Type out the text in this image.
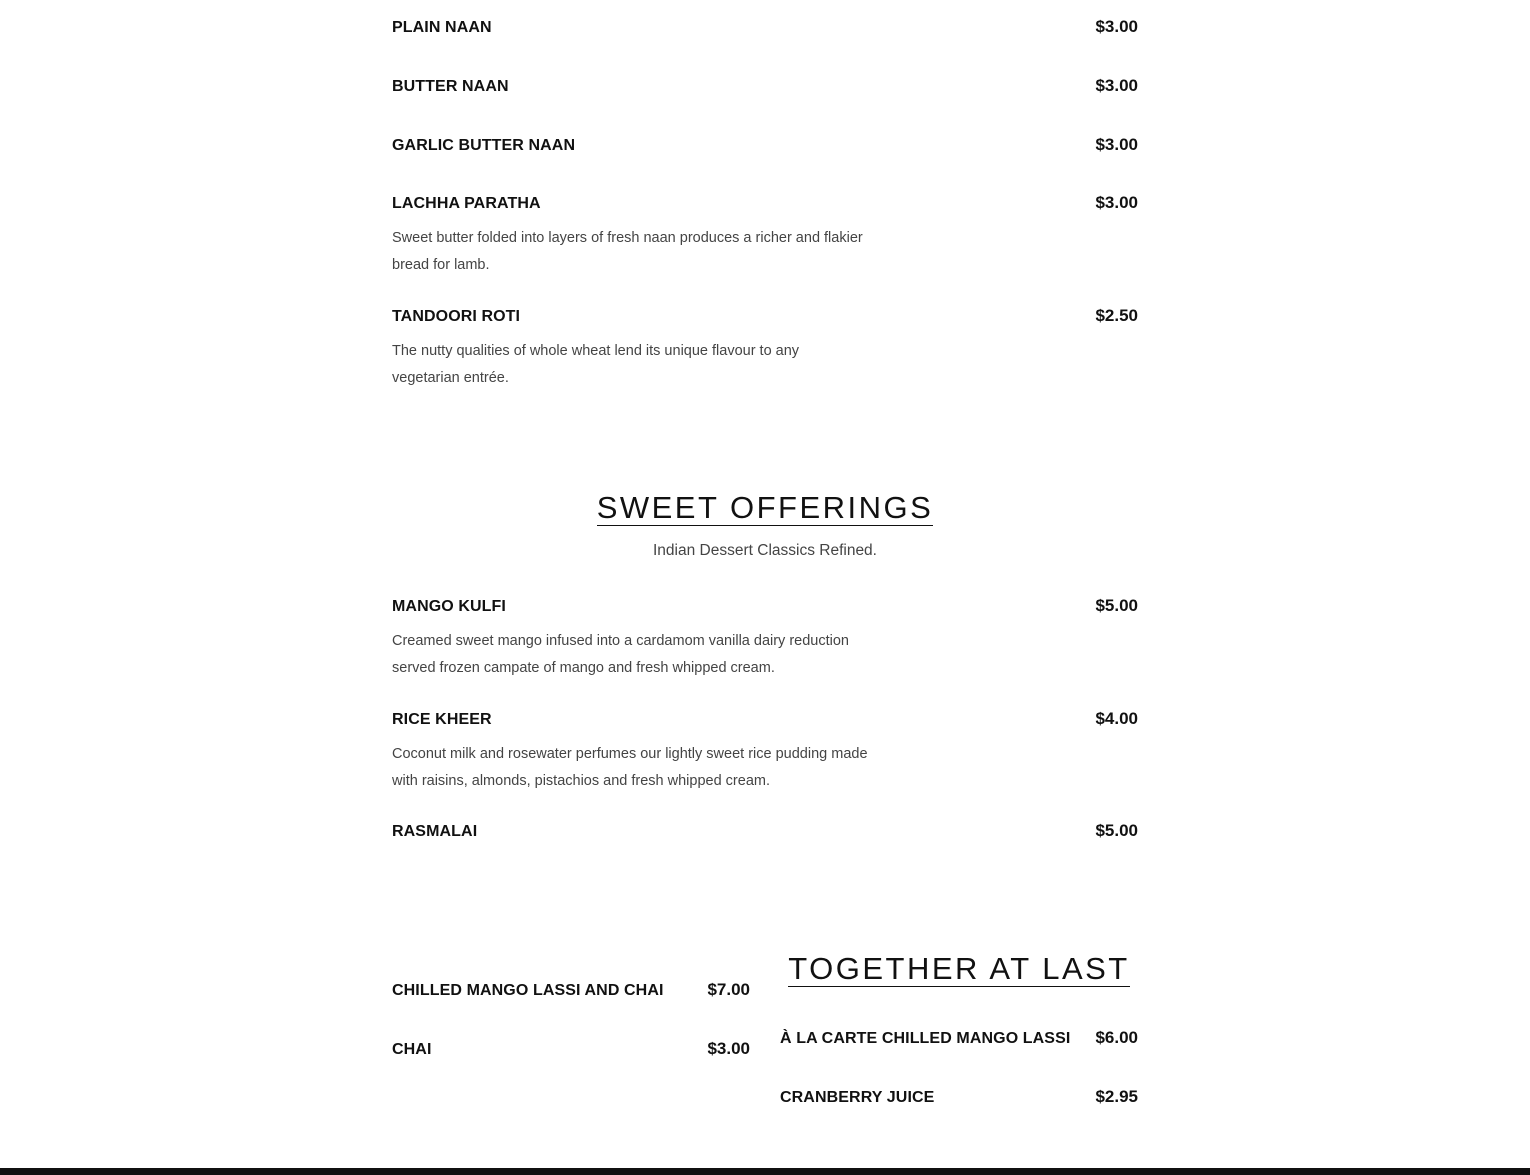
PLAIN NAAN	$3.00
BUTTER NAAN	$3.00
GARLIC BUTTER NAAN	$3.00
LACHHA PARATHA	$3.00
Sweet butter folded into layers of fresh naan produces a richer and flakier bread for lamb.
TANDOORI ROTI	$2.50
The nutty qualities of whole wheat lend its unique flavour to any vegetarian entrée.
SWEET OFFERINGS
Indian Dessert Classics Refined.
MANGO KULFI	$5.00
Creamed sweet mango infused into a cardamom vanilla dairy reduction served frozen campate of mango and fresh whipped cream.
RICE KHEER	$4.00
Coconut milk and rosewater perfumes our lightly sweet rice pudding made with raisins, almonds, pistachios and fresh whipped cream.
RASMALAI	$5.00
CHILLED MANGO LASSI AND CHAI	$7.00
CHAI	$3.00
TOGETHER AT LAST
À LA CARTE CHILLED MANGO LASSI $6.00
CRANBERRY JUICE	$2.95
